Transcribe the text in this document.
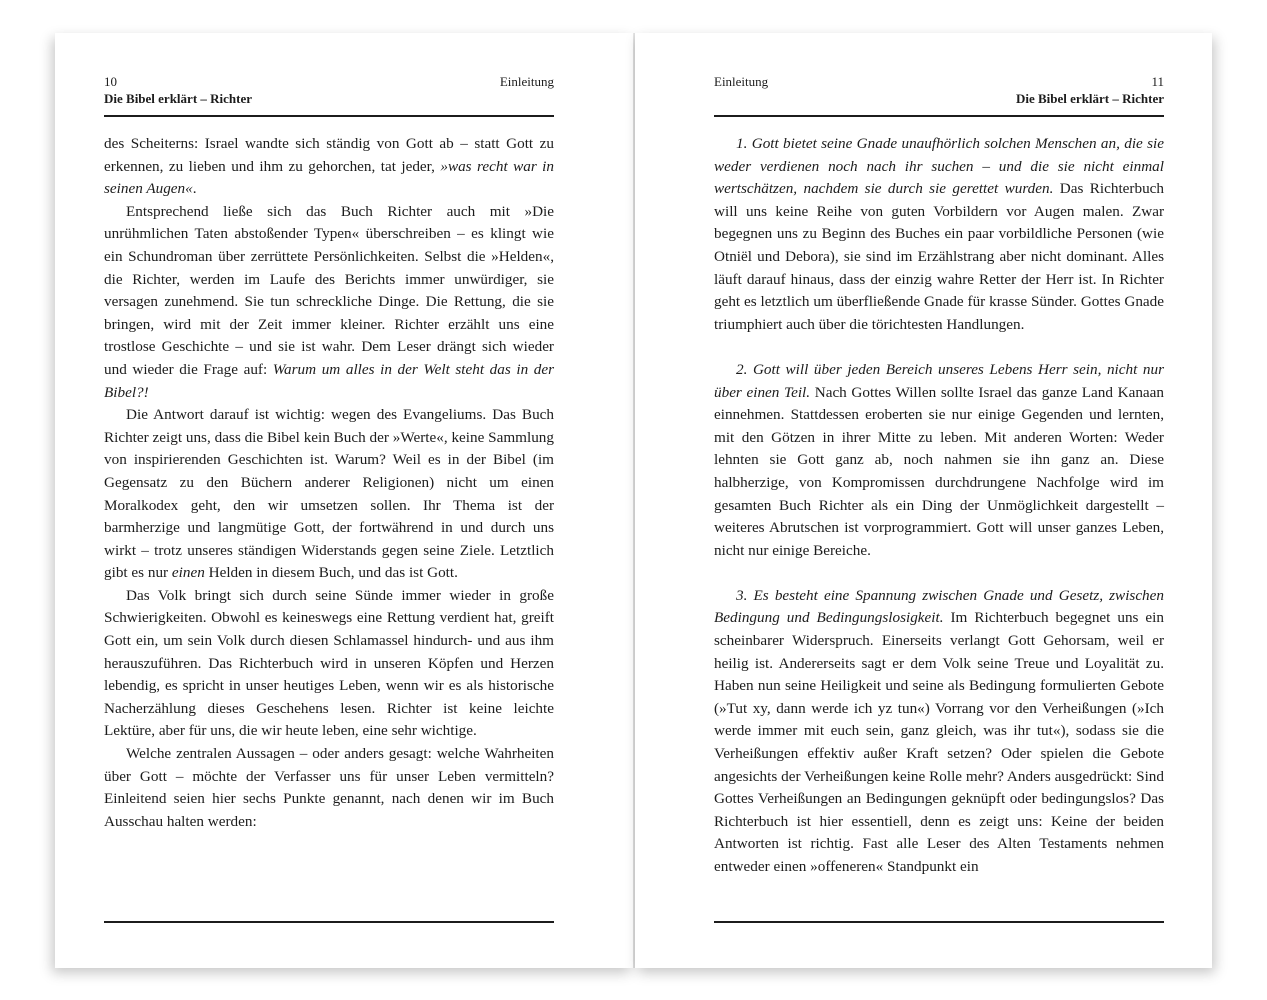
10	Einleitung
Die Bibel erklärt – Richter

des Scheiterns: Israel wandte sich ständig von Gott ab – statt Gott zu erkennen, zu lieben und ihm zu gehorchen, tat jeder, »was recht war in seinen Augen«.

Entsprechend ließe sich das Buch Richter auch mit »Die unrühmlichen Taten abstoßender Typen« überschreiben – es klingt wie ein Schundroman über zerrüttete Persönlichkeiten. Selbst die »Helden«, die Richter, werden im Laufe des Berichts immer unwürdiger, sie versagen zunehmend. Sie tun schreckliche Dinge. Die Rettung, die sie bringen, wird mit der Zeit immer kleiner. Richter erzählt uns eine trostlose Geschichte – und sie ist wahr. Dem Leser drängt sich wieder und wieder die Frage auf: Warum um alles in der Welt steht das in der Bibel?!

Die Antwort darauf ist wichtig: wegen des Evangeliums. Das Buch Richter zeigt uns, dass die Bibel kein Buch der »Werte«, keine Sammlung von inspirierenden Geschichten ist. Warum? Weil es in der Bibel (im Gegensatz zu den Büchern anderer Religionen) nicht um einen Moralkodex geht, den wir umsetzen sollen. Ihr Thema ist der barmherzige und langmütige Gott, der fortwährend in und durch uns wirkt – trotz unseres ständigen Widerstands gegen seine Ziele. Letztlich gibt es nur einen Helden in diesem Buch, und das ist Gott.

Das Volk bringt sich durch seine Sünde immer wieder in große Schwierigkeiten. Obwohl es keineswegs eine Rettung verdient hat, greift Gott ein, um sein Volk durch diesen Schlamassel hindurch- und aus ihm herauszuführen. Das Richterbuch wird in unseren Köpfen und Herzen lebendig, es spricht in unser heutiges Leben, wenn wir es als historische Nacherzählung dieses Geschehens lesen. Richter ist keine leichte Lektüre, aber für uns, die wir heute leben, eine sehr wichtige.

Welche zentralen Aussagen – oder anders gesagt: welche Wahrheiten über Gott – möchte der Verfasser uns für unser Leben vermitteln? Einleitend seien hier sechs Punkte genannt, nach denen wir im Buch Ausschau halten werden:

Einleitung	11
Die Bibel erklärt – Richter

1. Gott bietet seine Gnade unaufhörlich solchen Menschen an, die sie weder verdienen noch nach ihr suchen – und die sie nicht einmal wertschätzen, nachdem sie durch sie gerettet wurden. Das Richterbuch will uns keine Reihe von guten Vorbildern vor Augen malen. Zwar begegnen uns zu Beginn des Buches ein paar vorbildliche Personen (wie Otniël und Debora), sie sind im Erzählstrang aber nicht dominant. Alles läuft darauf hinaus, dass der einzig wahre Retter der Herr ist. In Richter geht es letztlich um überfließende Gnade für krasse Sünder. Gottes Gnade triumphiert auch über die törichtesten Handlungen.

2. Gott will über jeden Bereich unseres Lebens Herr sein, nicht nur über einen Teil. Nach Gottes Willen sollte Israel das ganze Land Kanaan einnehmen. Stattdessen eroberten sie nur einige Gegenden und lernten, mit den Götzen in ihrer Mitte zu leben. Mit anderen Worten: Weder lehnten sie Gott ganz ab, noch nahmen sie ihn ganz an. Diese halbherzige, von Kompromissen durchdrungene Nachfolge wird im gesamten Buch Richter als ein Ding der Unmöglichkeit dargestellt – weiteres Abrutschen ist vorprogrammiert. Gott will unser ganzes Leben, nicht nur einige Bereiche.

3. Es besteht eine Spannung zwischen Gnade und Gesetz, zwischen Bedingung und Bedingungslosigkeit. Im Richterbuch begegnet uns ein scheinbarer Widerspruch. Einerseits verlangt Gott Gehorsam, weil er heilig ist. Andererseits sagt er dem Volk seine Treue und Loyalität zu. Haben nun seine Heiligkeit und seine als Bedingung formulierten Gebote (»Tut xy, dann werde ich yz tun«) Vorrang vor den Verheißungen (»Ich werde immer mit euch sein, ganz gleich, was ihr tut«), sodass sie die Verheißungen effektiv außer Kraft setzen? Oder spielen die Gebote angesichts der Verheißungen keine Rolle mehr? Anders ausgedrückt: Sind Gottes Verheißungen an Bedingungen geknüpft oder bedingungslos? Das Richterbuch ist hier essentiell, denn es zeigt uns: Keine der beiden Antworten ist richtig. Fast alle Leser des Alten Testaments nehmen entweder einen »offeneren« Standpunkt ein
